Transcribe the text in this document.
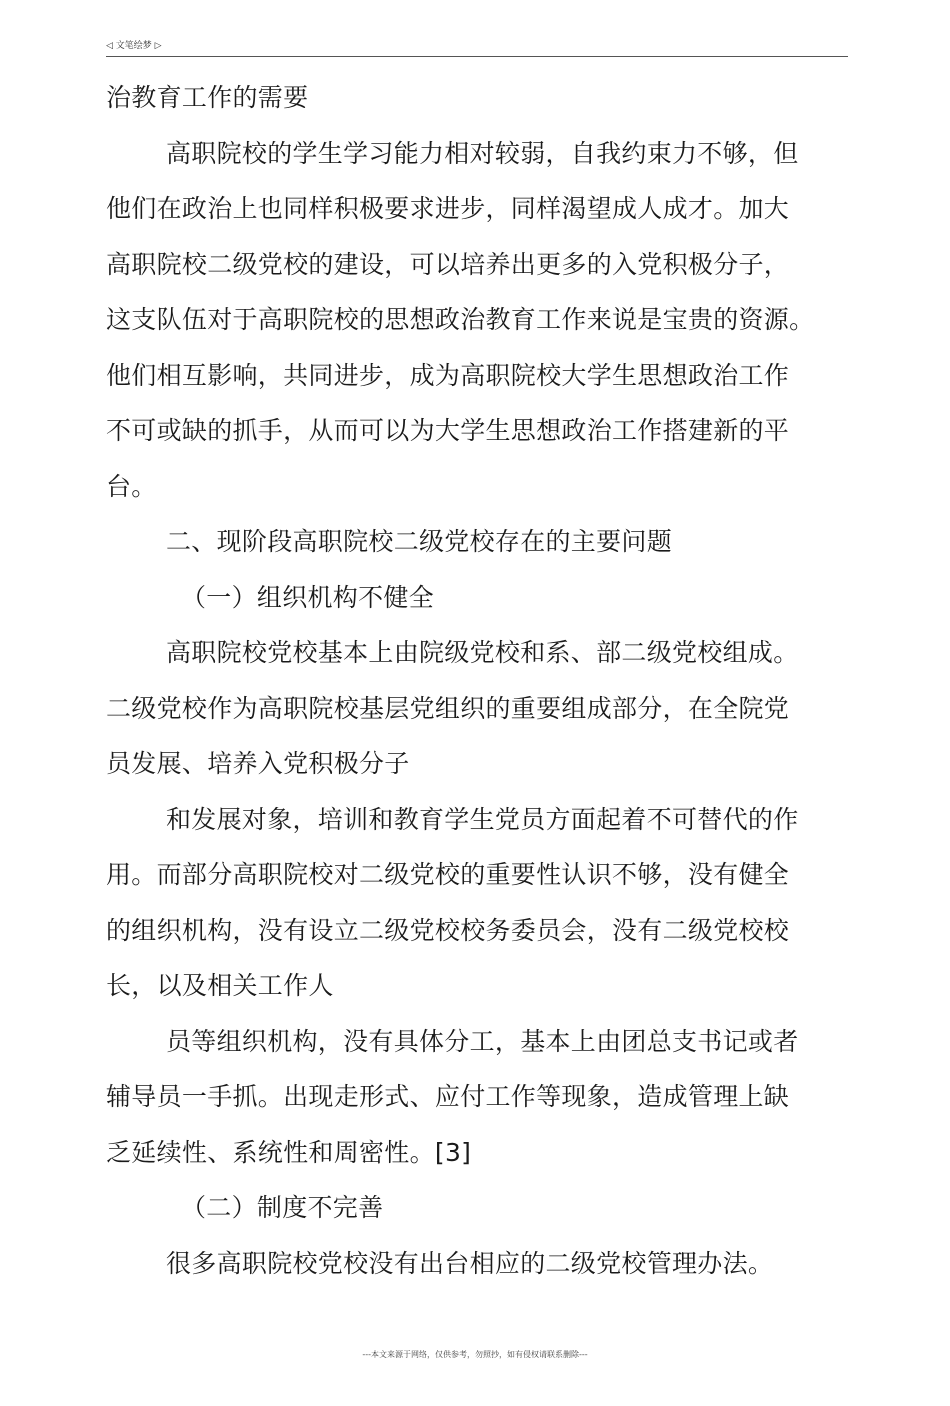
◁ 文笔绘梦 ▷
治教育工作的需要
高职院校的学生学习能力相对较弱，自我约束力不够，但
他们在政治上也同样积极要求进步，同样渴望成人成才。加大
高职院校二级党校的建设，可以培养出更多的入党积极分子，
这支队伍对于高职院校的思想政治教育工作来说是宝贵的资源。
他们相互影响，共同进步，成为高职院校大学生思想政治工作
不可或缺的抓手，从而可以为大学生思想政治工作搭建新的平
台。
二、现阶段高职院校二级党校存在的主要问题
（一）组织机构不健全
高职院校党校基本上由院级党校和系、部二级党校组成。
二级党校作为高职院校基层党组织的重要组成部分，在全院党
员发展、培养入党积极分子
和发展对象，培训和教育学生党员方面起着不可替代的作
用。而部分高职院校对二级党校的重要性认识不够，没有健全
的组织机构，没有设立二级党校校务委员会，没有二级党校校
长，以及相关工作人
员等组织机构，没有具体分工，基本上由团总支书记或者
辅导员一手抓。出现走形式、应付工作等现象，造成管理上缺
乏延续性、系统性和周密性。[3]
（二）制度不完善
很多高职院校党校没有出台相应的二级党校管理办法。
---本文来源于网络，仅供参考，勿照抄，如有侵权请联系删除---
